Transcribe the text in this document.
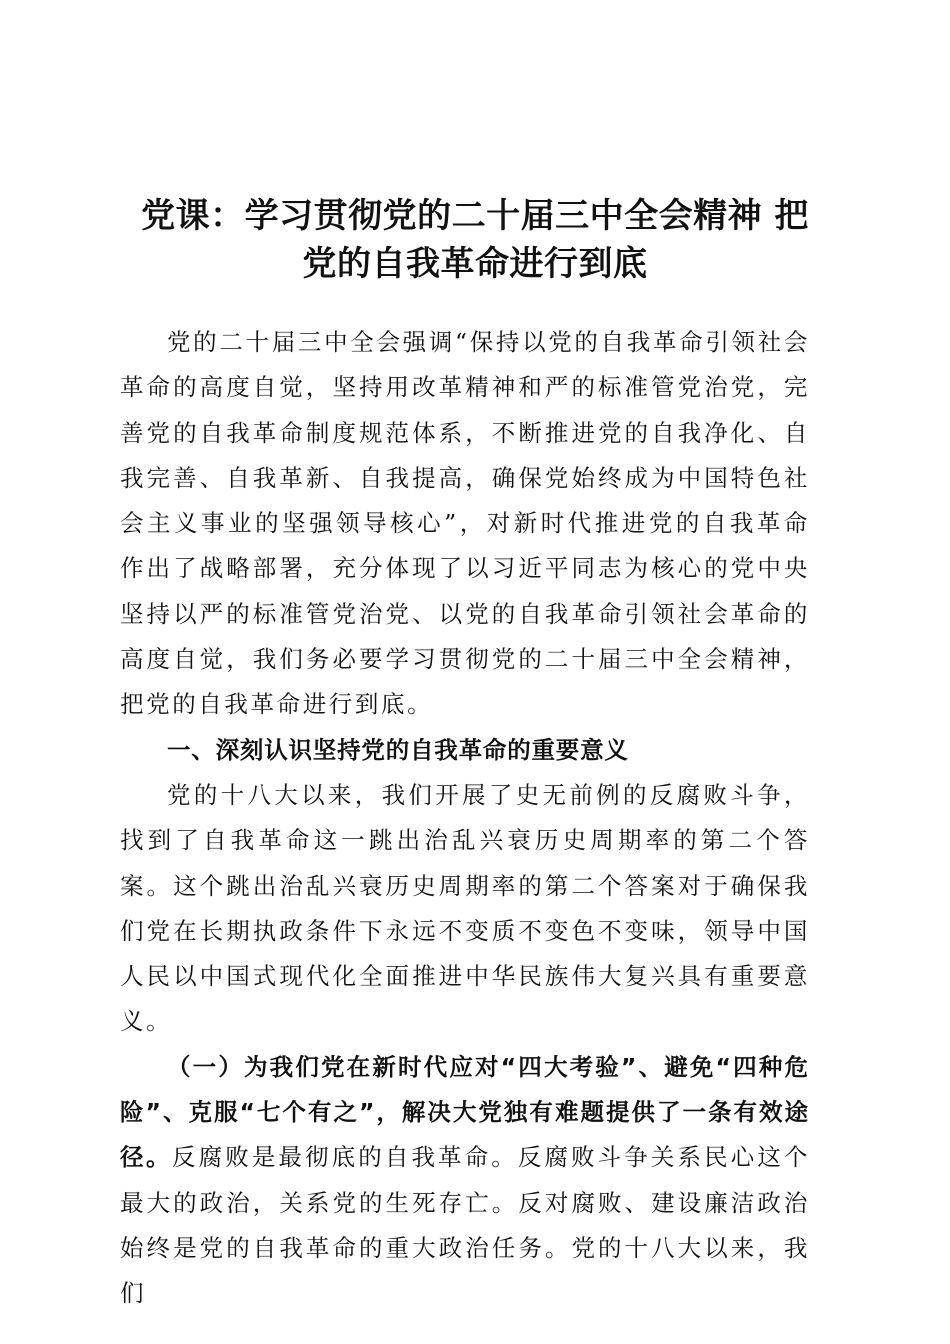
党课：学习贯彻党的二十届三中全会精神 把
党的自我革命进行到底

党的二十届三中全会强调“保持以党的自我革命引领社会革命的高度自觉，坚持用改革精神和严的标准管党治党，完善党的自我革命制度规范体系，不断推进党的自我净化、自我完善、自我革新、自我提高，确保党始终成为中国特色社会主义事业的坚强领导核心”，对新时代推进党的自我革命作出了战略部署，充分体现了以习近平同志为核心的党中央坚持以严的标准管党治党、以党的自我革命引领社会革命的高度自觉，我们务必要学习贯彻党的二十届三中全会精神，把党的自我革命进行到底。

一、深刻认识坚持党的自我革命的重要意义

党的十八大以来，我们开展了史无前例的反腐败斗争，找到了自我革命这一跳出治乱兴衰历史周期率的第二个答案。这个跳出治乱兴衰历史周期率的第二个答案对于确保我们党在长期执政条件下永远不变质不变色不变味，领导中国人民以中国式现代化全面推进中华民族伟大复兴具有重要意义。

（一）为我们党在新时代应对“四大考验”、避免“四种危险”、克服“七个有之”，解决大党独有难题提供了一条有效途径。反腐败是最彻底的自我革命。反腐败斗争关系民心这个最大的政治，关系党的生死存亡。反对腐败、建设廉洁政治始终是党的自我革命的重大政治任务。党的十八大以来，我们
